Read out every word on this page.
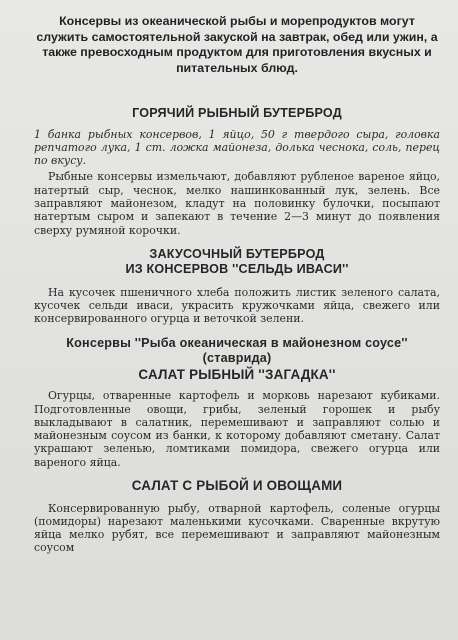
Консервы из океанической рыбы и морепродуктов могут служить самостоятельной закуской на завтрак, обед или ужин, а также превосходным продуктом для приготовления вкусных и питательных блюд.

ГОРЯЧИЙ РЫБНЫЙ БУТЕРБРОД

1 банка рыбных консервов, 1 яйцо, 50 г твердого сыра, головка репчатого лука, 1 ст. ложка майонеза, долька чеснока, соль, перец по вкусу.

Рыбные консервы измельчают, добавляют рубленое вареное яйцо, натертый сыр, чеснок, мелко нашинкованный лук, зелень. Все заправляют майонезом, кладут на половинку булочки, посыпают натертым сыром и запекают в течение 2—3 минут до появления сверху румяной корочки.

ЗАКУСОЧНЫЙ БУТЕРБРОД
ИЗ КОНСЕРВОВ ''СЕЛЬДЬ ИВАСИ''

На кусочек пшеничного хлеба положить листик зеленого салата, кусочек сельди иваси, украсить кружочками яйца, свежего или консервированного огурца и веточкой зелени.

Консервы ''Рыба океаническая в майонезном соусе''
(ставрида)
САЛАТ РЫБНЫЙ ''ЗАГАДКА''

Огурцы, отваренные картофель и морковь нарезают кубиками. Подготовленные овощи, грибы, зеленый горошек и рыбу выкладывают в салатник, перемешивают и заправляют солью и майонезным соусом из банки, к которому добавляют сметану. Салат украшают зеленью, ломтиками помидора, свежего огурца или вареного яйца.

САЛАТ С РЫБОЙ И ОВОЩАМИ

Консервированную рыбу, отварной картофель, соленые огурцы (помидоры) нарезают маленькими кусочками. Сваренные вкрутую яйца мелко рубят, все перемешивают и заправляют майонезным соусом
